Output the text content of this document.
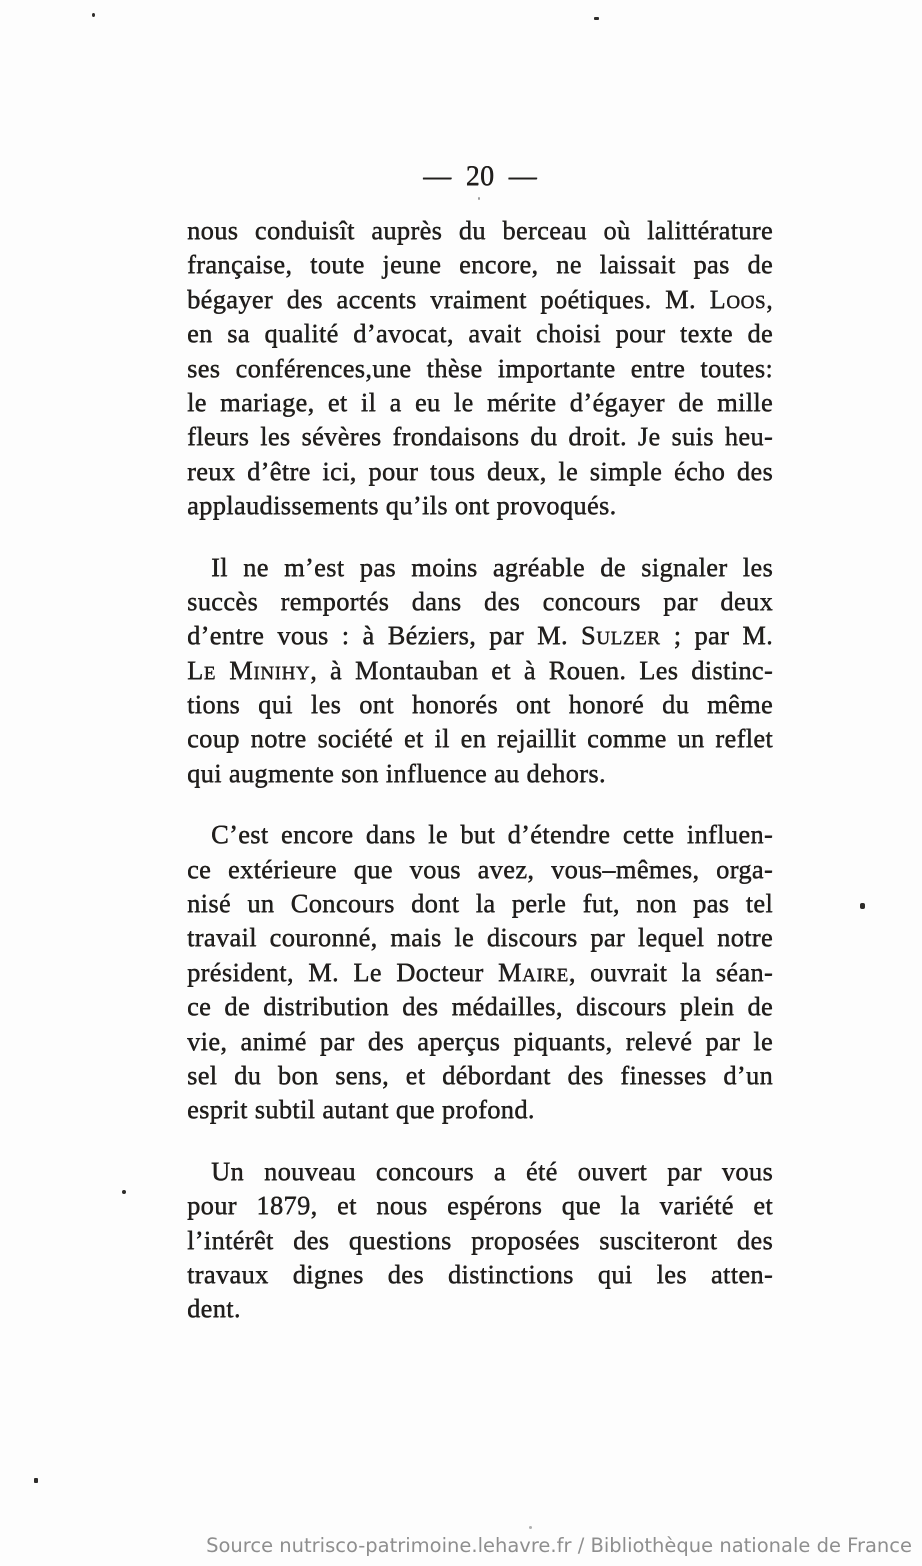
— 20 —
nous conduisît auprès du berceau où lalittérature
française, toute jeune encore, ne laissait pas de
bégayer des accents vraiment poétiques. M. Loos,
en sa qualité d’avocat, avait choisi pour texte de
ses conférences,une thèse importante entre toutes:
le mariage, et il a eu le mérite d’égayer de mille
fleurs les sévères frondaisons du droit. Je suis heu-
reux d’être ici, pour tous deux, le simple écho des
applaudissements qu’ils ont provoqués.
Il ne m’est pas moins agréable de signaler les
succès remportés dans des concours par deux
d’entre vous : à Béziers, par M. Sulzer ; par M.
Le Minihy, à Montauban et à Rouen. Les distinc-
tions qui les ont honorés ont honoré du même
coup notre société et il en rejaillit comme un reflet
qui augmente son influence au dehors.
C’est encore dans le but d’étendre cette influen-
ce extérieure que vous avez, vous–mêmes, orga-
nisé un Concours dont la perle fut, non pas tel
travail couronné, mais le discours par lequel notre
président, M. Le Docteur Maire, ouvrait la séan-
ce de distribution des médailles, discours plein de
vie, animé par des aperçus piquants, relevé par le
sel du bon sens, et débordant des finesses d’un
esprit subtil autant que profond.
Un nouveau concours a été ouvert par vous
pour 1879, et nous espérons que la variété et
l’intérêt des questions proposées susciteront des
travaux dignes des distinctions qui les atten-
dent.
Source nutrisco-patrimoine.lehavre.fr / Bibliothèque nationale de France
